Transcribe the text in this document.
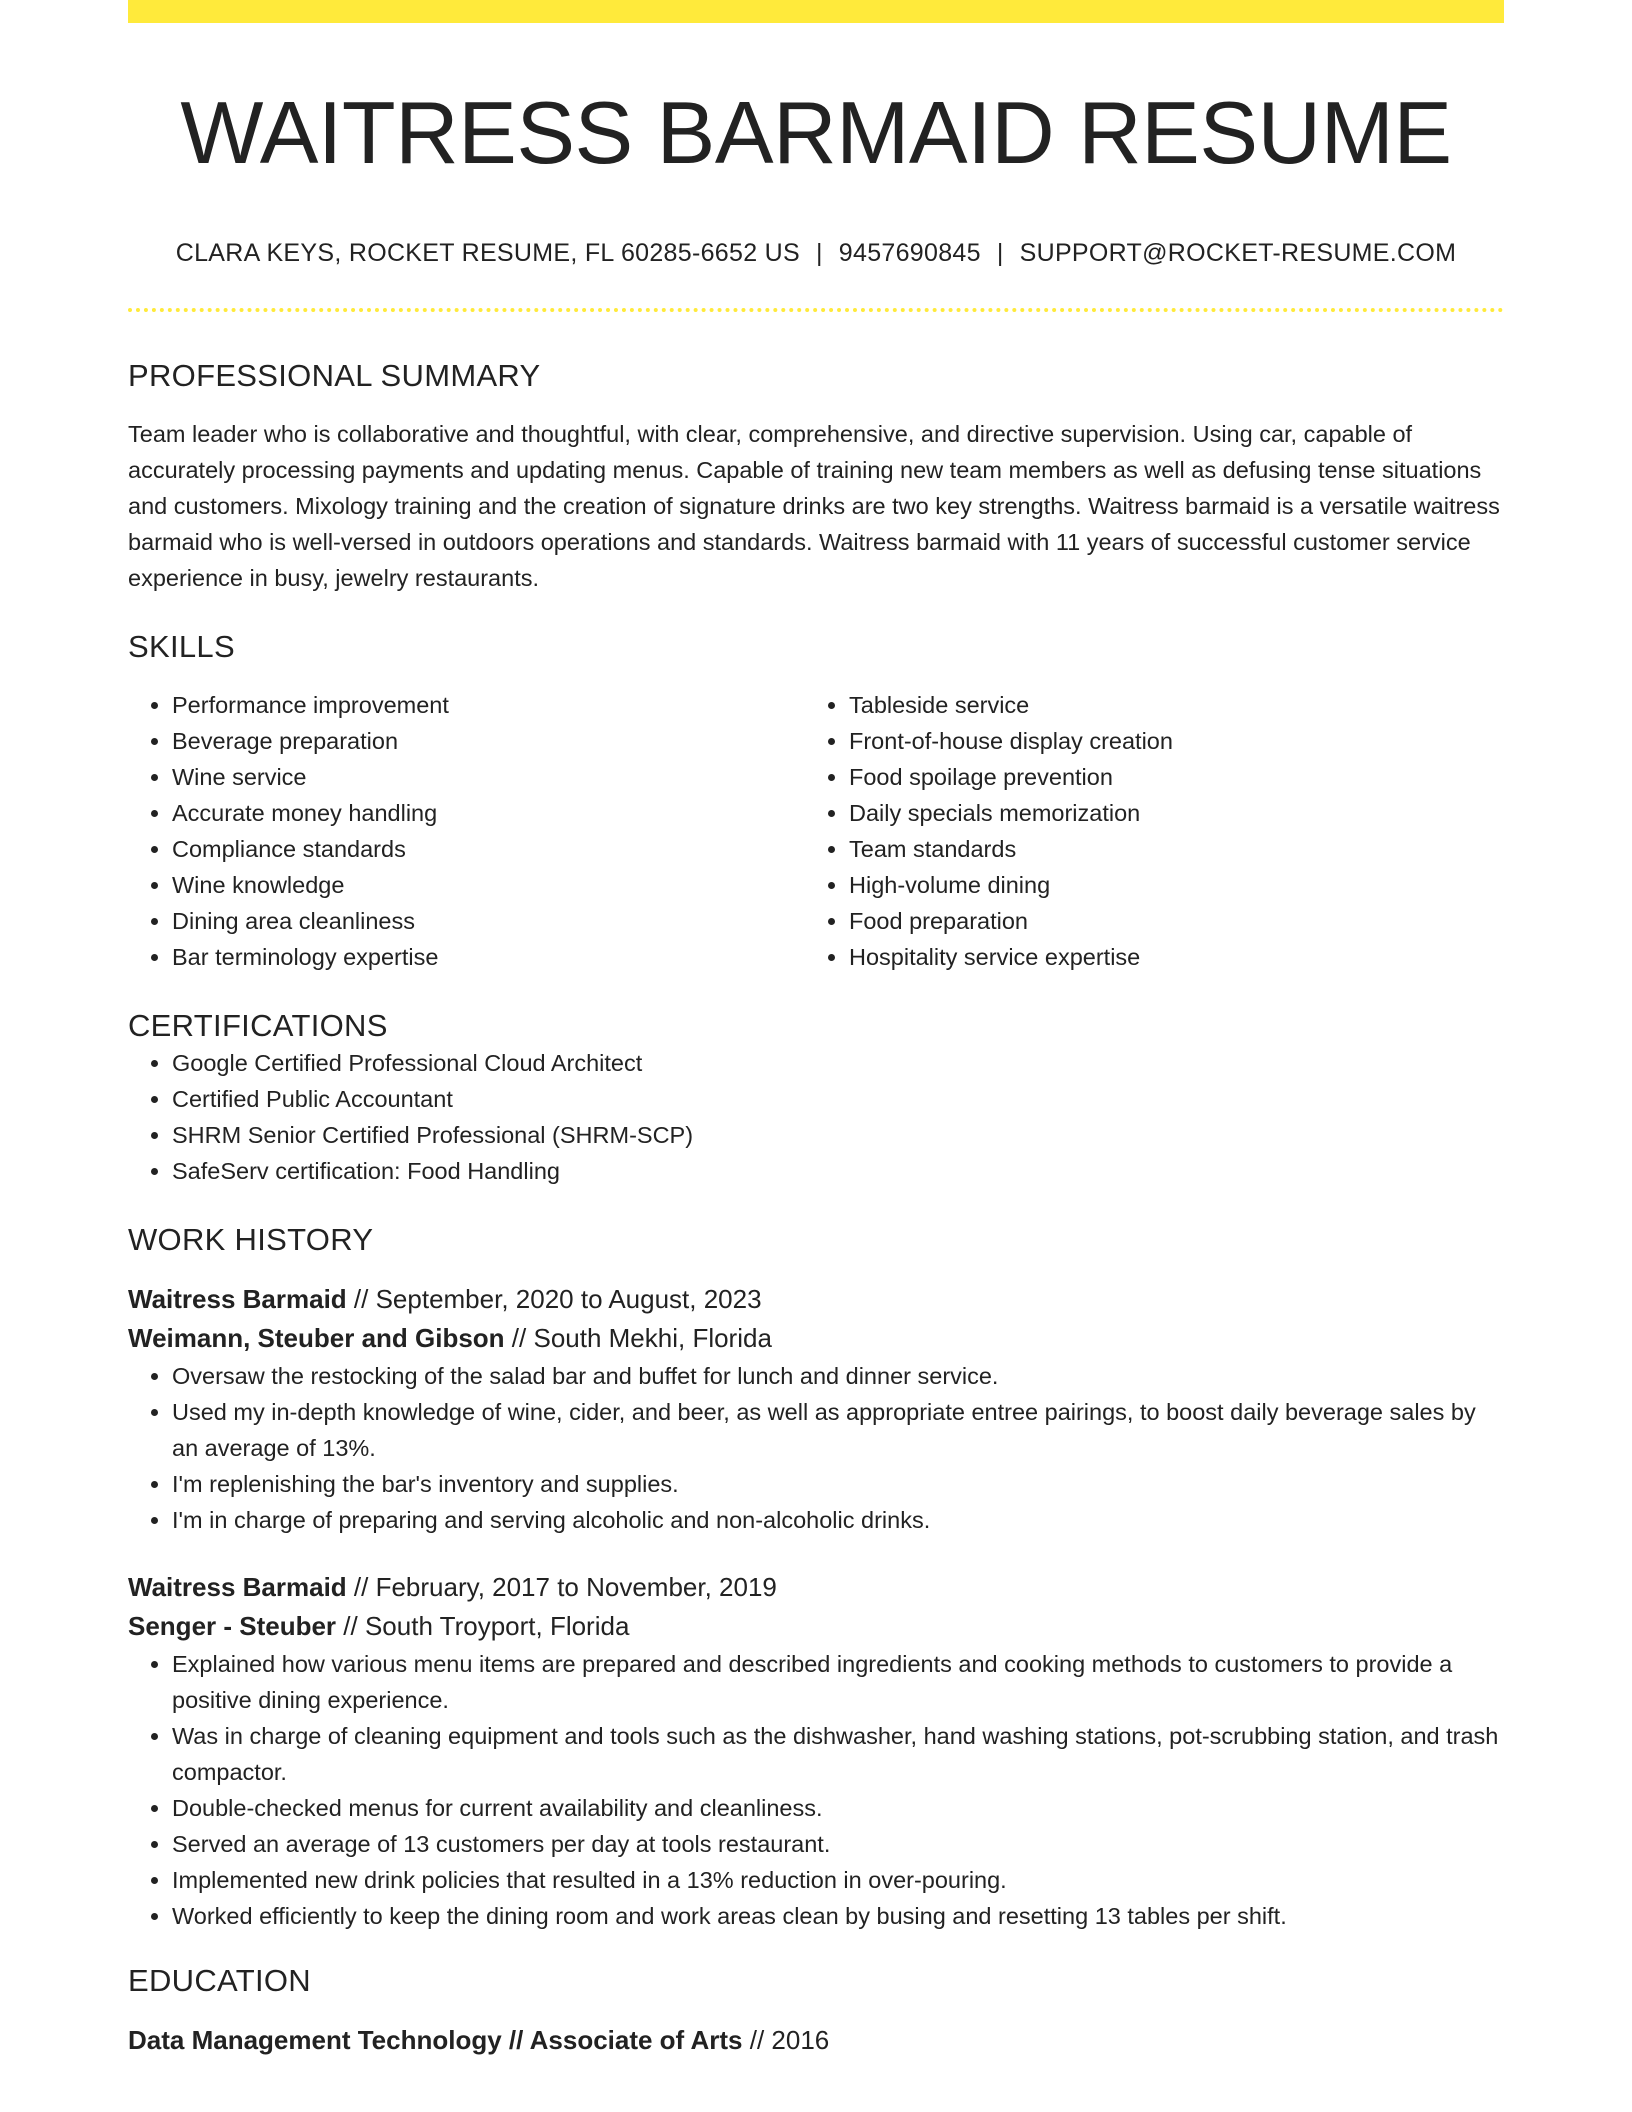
WAITRESS BARMAID RESUME
CLARA KEYS, ROCKET RESUME, FL 60285-6652 US | 9457690845 | SUPPORT@ROCKET-RESUME.COM
PROFESSIONAL SUMMARY
Team leader who is collaborative and thoughtful, with clear, comprehensive, and directive supervision. Using car, capable of accurately processing payments and updating menus. Capable of training new team members as well as defusing tense situations and customers. Mixology training and the creation of signature drinks are two key strengths. Waitress barmaid is a versatile waitress barmaid who is well-versed in outdoors operations and standards. Waitress barmaid with 11 years of successful customer service experience in busy, jewelry restaurants.
SKILLS
• Performance improvement
• Beverage preparation
• Wine service
• Accurate money handling
• Compliance standards
• Wine knowledge
• Dining area cleanliness
• Bar terminology expertise
• Tableside service
• Front-of-house display creation
• Food spoilage prevention
• Daily specials memorization
• Team standards
• High-volume dining
• Food preparation
• Hospitality service expertise
CERTIFICATIONS
• Google Certified Professional Cloud Architect
• Certified Public Accountant
• SHRM Senior Certified Professional (SHRM-SCP)
• SafeServ certification: Food Handling
WORK HISTORY
Waitress Barmaid // September, 2020 to August, 2023
Weimann, Steuber and Gibson // South Mekhi, Florida
• Oversaw the restocking of the salad bar and buffet for lunch and dinner service.
• Used my in-depth knowledge of wine, cider, and beer, as well as appropriate entree pairings, to boost daily beverage sales by an average of 13%.
• I'm replenishing the bar's inventory and supplies.
• I'm in charge of preparing and serving alcoholic and non-alcoholic drinks.
Waitress Barmaid // February, 2017 to November, 2019
Senger - Steuber // South Troyport, Florida
• Explained how various menu items are prepared and described ingredients and cooking methods to customers to provide a positive dining experience.
• Was in charge of cleaning equipment and tools such as the dishwasher, hand washing stations, pot-scrubbing station, and trash compactor.
• Double-checked menus for current availability and cleanliness.
• Served an average of 13 customers per day at tools restaurant.
• Implemented new drink policies that resulted in a 13% reduction in over-pouring.
• Worked efficiently to keep the dining room and work areas clean by busing and resetting 13 tables per shift.
EDUCATION
Data Management Technology // Associate of Arts // 2016
